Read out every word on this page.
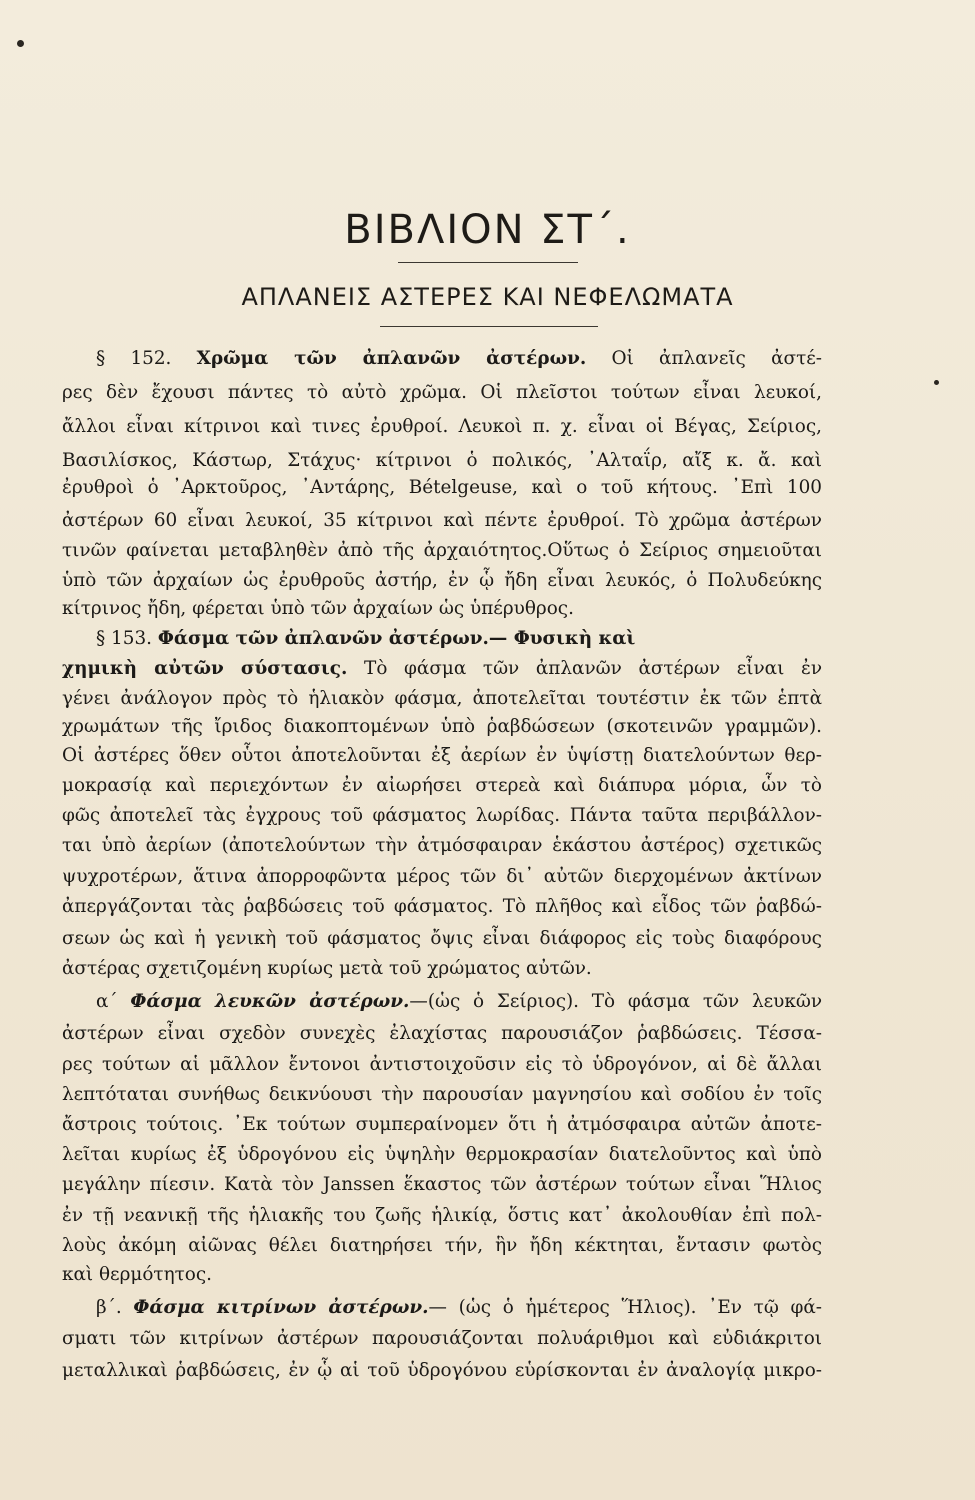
ΒΙΒΛΙΟΝ ΣΤ΄.
ΑΠΛΑΝΕΙΣ ΑΣΤΕΡΕΣ ΚΑΙ ΝΕΦΕΛΩΜΑΤΑ
§ 152. Χρῶμα τῶν ἀπλανῶν ἀστέρων. Οἱ ἀπλανεῖς ἀστέ-
ρες δὲν ἔχουσι πάντες τὸ αὐτὸ χρῶμα. Οἱ πλεῖστοι τούτων εἶναι λευκοί,
ἄλλοι εἶναι κίτρινοι καὶ τινες ἐρυθροί. Λευκοὶ π. χ. εἶναι οἱ Βέγας, Σείριος,
Βασιλίσκος, Κάστωρ, Στάχυς· κίτρινοι ὁ πολικός, ᾿Αλταΐρ, αἴξ κ. ἄ. καὶ
ἐρυθροὶ ὁ ᾿Αρκτοῦρος, ᾿Αντάρης, Bételgeuse, καὶ ο τοῦ κήτους. ᾿Επὶ 100
ἀστέρων 60 εἶναι λευκοί, 35 κίτρινοι καὶ πέντε ἐρυθροί. Τὸ χρῶμα ἀστέρων
τινῶν φαίνεται μεταβληθὲν ἀπὸ τῆς ἀρχαιότητος.Οὕτως ὁ Σείριος σημειοῦται
ὑπὸ τῶν ἀρχαίων ὡς ἐρυθροῦς ἀστήρ, ἐν ᾧ ἤδη εἶναι λευκός, ὁ Πολυδεύκης
κίτρινος ἤδη, φέρεται ὑπὸ τῶν ἀρχαίων ὡς ὑπέρυθρος.
§ 153. Φάσμα τῶν ἀπλανῶν ἀστέρων.— Φυσικὴ καὶ
χημικὴ αὐτῶν σύστασις. Τὸ φάσμα τῶν ἀπλανῶν ἀστέρων εἶναι ἐν
γένει ἀνάλογον πρὸς τὸ ἡλιακὸν φάσμα, ἀποτελεῖται τουτέστιν ἐκ τῶν ἑπτὰ
χρωμάτων τῆς ἴριδος διακοπτομένων ὑπὸ ῥαβδώσεων (σκοτεινῶν γραμμῶν).
Οἱ ἀστέρες ὅθεν οὗτοι ἀποτελοῦνται ἐξ ἀερίων ἐν ὑψίστῃ διατελούντων θερ-
μοκρασίᾳ καὶ περιεχόντων ἐν αἰωρήσει στερεὰ καὶ διάπυρα μόρια, ὧν τὸ
φῶς ἀποτελεῖ τὰς ἐγχρους τοῦ φάσματος λωρίδας. Πάντα ταῦτα περιβάλλον-
ται ὑπὸ ἀερίων (ἀποτελούντων τὴν ἀτμόσφαιραν ἑκάστου ἀστέρος) σχετικῶς
ψυχροτέρων, ἅτινα ἀπορροφῶντα μέρος τῶν δι᾿ αὐτῶν διερχομένων ἀκτίνων
ἀπεργάζονται τὰς ῥαβδώσεις τοῦ φάσματος. Τὸ πλῆθος καὶ εἶδος τῶν ῥαβδώ-
σεων ὡς καὶ ἡ γενικὴ τοῦ φάσματος ὄψις εἶναι διάφορος εἰς τοὺς διαφόρους
ἀστέρας σχετιζομένη κυρίως μετὰ τοῦ χρώματος αὐτῶν.
α΄ Φάσμα λευκῶν ἀστέρων.—(ὡς ὁ Σείριος). Τὸ φάσμα τῶν λευκῶν
ἀστέρων εἶναι σχεδὸν συνεχὲς ἐλαχίστας παρουσιάζον ῥαβδώσεις. Τέσσα-
ρες τούτων αἱ μᾶλλον ἔντονοι ἀντιστοιχοῦσιν εἰς τὸ ὑδρογόνον, αἱ δὲ ἄλλαι
λεπτόταται συνήθως δεικνύουσι τὴν παρουσίαν μαγνησίου καὶ σοδίου ἐν τοῖς
ἄστροις τούτοις. ᾿Εκ τούτων συμπεραίνομεν ὅτι ἡ ἀτμόσφαιρα αὐτῶν ἀποτε-
λεῖται κυρίως ἐξ ὑδρογόνου εἰς ὑψηλὴν θερμοκρασίαν διατελοῦντος καὶ ὑπὸ
μεγάλην πίεσιν. Κατὰ τὸν Janssen ἕκαστος τῶν ἀστέρων τούτων εἶναι Ἥλιος
ἐν τῇ νεανικῇ τῆς ἡλιακῆς του ζωῆς ἡλικίᾳ, ὅστις κατ᾿ ἀκολουθίαν ἐπὶ πολ-
λοὺς ἀκόμη αἰῶνας θέλει διατηρήσει τήν, ἣν ἤδη κέκτηται, ἔντασιν φωτὸς
καὶ θερμότητος.
β΄. Φάσμα κιτρίνων ἀστέρων.— (ὡς ὁ ἡμέτερος Ἥλιος). ᾿Εν τῷ φά-
σματι τῶν κιτρίνων ἀστέρων παρουσιάζονται πολυάριθμοι καὶ εὐδιάκριτοι
μεταλλικαὶ ῥαβδώσεις, ἐν ᾧ αἱ τοῦ ὑδρογόνου εὑρίσκονται ἐν ἀναλογίᾳ μικρο-
